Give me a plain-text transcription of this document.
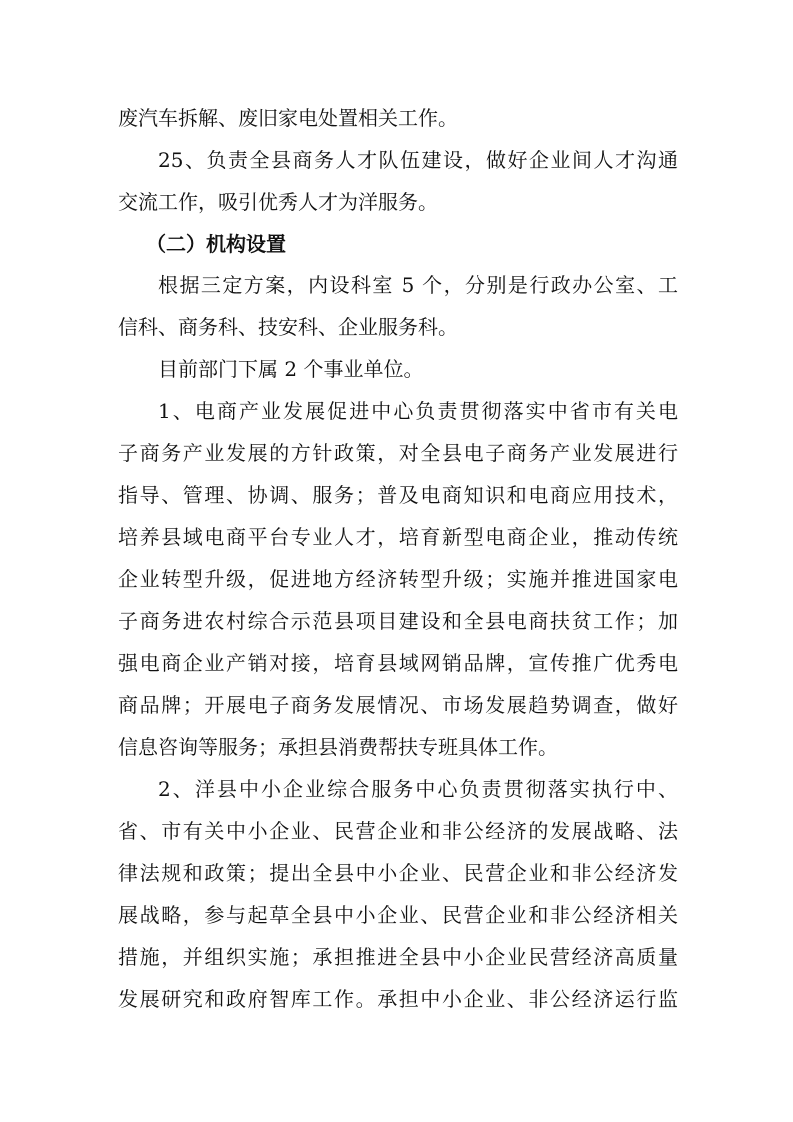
废汽车拆解、废旧家电处置相关工作。

25、负责全县商务人才队伍建设，做好企业间人才沟通

交流工作，吸引优秀人才为洋服务。

（二）机构设置

根据三定方案，内设科室 5 个，分别是行政办公室、工

信科、商务科、技安科、企业服务科。

目前部门下属 2 个事业单位。

1、电商产业发展促进中心负责贯彻落实中省市有关电

子商务产业发展的方针政策，对全县电子商务产业发展进行

指导、管理、协调、服务；普及电商知识和电商应用技术，

培养县域电商平台专业人才，培育新型电商企业，推动传统

企业转型升级，促进地方经济转型升级；实施并推进国家电

子商务进农村综合示范县项目建设和全县电商扶贫工作；加

强电商企业产销对接，培育县域网销品牌，宣传推广优秀电

商品牌；开展电子商务发展情况、市场发展趋势调查，做好

信息咨询等服务；承担县消费帮扶专班具体工作。

2、洋县中小企业综合服务中心负责贯彻落实执行中、

省、市有关中小企业、民营企业和非公经济的发展战略、法

律法规和政策；提出全县中小企业、民营企业和非公经济发

展战略，参与起草全县中小企业、民营企业和非公经济相关

措施，并组织实施；承担推进全县中小企业民营经济高质量

发展研究和政府智库工作。承担中小企业、非公经济运行监
